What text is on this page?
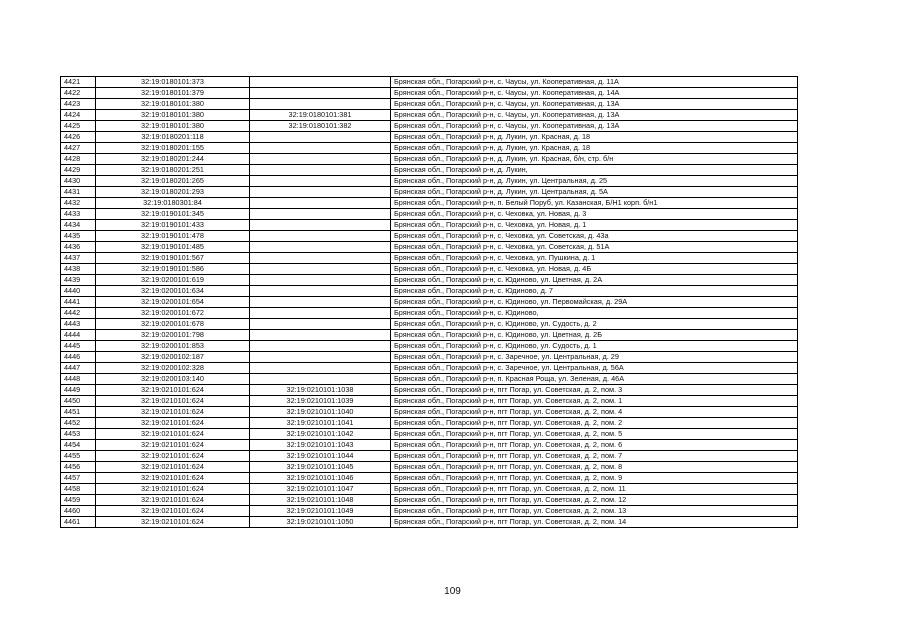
4421	32:19:0180101:373		Брянская обл., Погарский р-н, с. Чаусы, ул. Кооперативная, д. 11А
4422	32:19:0180101:379		Брянская обл., Погарский р-н, с. Чаусы, ул. Кооперативная, д. 14А
4423	32:19:0180101:380		Брянская обл., Погарский р-н, с. Чаусы, ул. Кооперативная, д. 13А
4424	32:19:0180101:380	32:19:0180101:381	Брянская обл., Погарский р-н, с. Чаусы, ул. Кооперативная, д. 13А
4425	32:19:0180101:380	32:19:0180101:382	Брянская обл., Погарский р-н, с. Чаусы, ул. Кооперативная, д. 13А
4426	32:19:0180201:118		Брянская обл., Погарский р-н, д. Лукин, ул. Красная, д. 18
4427	32:19:0180201:155		Брянская обл., Погарский р-н, д. Лукин, ул. Красная, д. 18
4428	32:19:0180201:244		Брянская обл., Погарский р-н, д. Лукин, ул. Красная, б/н, стр. б/н
4429	32:19:0180201:251		Брянская обл., Погарский р-н, д. Лукин,
4430	32:19:0180201:265		Брянская обл., Погарский р-н, д. Лукин, ул. Центральная, д. 25
4431	32:19:0180201:293		Брянская обл., Погарский р-н, д. Лукин, ул. Центральная, д. 5А
4432	32:19:0180301:84		Брянская обл., Погарский р-н, п. Белый Поруб, ул. Казанская, Б/Н1 корп. б/н1
4433	32:19:0190101:345		Брянская обл., Погарский р-н, с. Чеховка, ул. Новая, д. 3
4434	32:19:0190101:433		Брянская обл., Погарский р-н, с. Чеховка, ул. Новая, д. 1
4435	32:19:0190101:478		Брянская обл., Погарский р-н, с. Чеховка, ул. Советская, д. 43а
4436	32:19:0190101:485		Брянская обл., Погарский р-н, с. Чеховка, ул. Советская, д. 51А
4437	32:19:0190101:567		Брянская обл., Погарский р-н, с. Чеховка, ул. Пушкина, д. 1
4438	32:19:0190101:586		Брянская обл., Погарский р-н, с. Чеховка, ул. Новая, д. 4Б
4439	32:19:0200101:619		Брянская обл., Погарский р-н, с. Юдиново, ул. Цветная, д. 2А
4440	32:19:0200101:634		Брянская обл., Погарский р-н, с. Юдиново, д. 7
4441	32:19:0200101:654		Брянская обл., Погарский р-н, с. Юдиново, ул. Первомайская, д. 29А
4442	32:19:0200101:672		Брянская обл., Погарский р-н, с. Юдиново,
4443	32:19:0200101:678		Брянская обл., Погарский р-н, с. Юдиново, ул. Судость, д. 2
4444	32:19:0200101:798		Брянская обл., Погарский р-н, с. Юдиново, ул. Цветная, д. 2Б
4445	32:19:0200101:853		Брянская обл., Погарский р-н, с. Юдиново, ул. Судость, д. 1
4446	32:19:0200102:187		Брянская обл., Погарский р-н, с. Заречное, ул. Центральная, д. 29
4447	32:19:0200102:328		Брянская обл., Погарский р-н, с. Заречное, ул. Центральная, д. 56А
4448	32:19:0200103:140		Брянская обл., Погарский р-н, п. Красная Роща, ул. Зеленая, д. 46А
4449	32:19:0210101:624	32:19:0210101:1038	Брянская обл., Погарский р-н, пгт Погар, ул. Советская, д. 2, пом. 3
4450	32:19:0210101:624	32:19:0210101:1039	Брянская обл., Погарский р-н, пгт Погар, ул. Советская, д. 2, пом. 1
4451	32:19:0210101:624	32:19:0210101:1040	Брянская обл., Погарский р-н, пгт Погар, ул. Советская, д. 2, пом. 4
4452	32:19:0210101:624	32:19:0210101:1041	Брянская обл., Погарский р-н, пгт Погар, ул. Советская, д. 2, пом. 2
4453	32:19:0210101:624	32:19:0210101:1042	Брянская обл., Погарский р-н, пгт Погар, ул. Советская, д. 2, пом. 5
4454	32:19:0210101:624	32:19:0210101:1043	Брянская обл., Погарский р-н, пгт Погар, ул. Советская, д. 2, пом. 6
4455	32:19:0210101:624	32:19:0210101:1044	Брянская обл., Погарский р-н, пгт Погар, ул. Советская, д. 2, пом. 7
4456	32:19:0210101:624	32:19:0210101:1045	Брянская обл., Погарский р-н, пгт Погар, ул. Советская, д. 2, пом. 8
4457	32:19:0210101:624	32:19:0210101:1046	Брянская обл., Погарский р-н, пгт Погар, ул. Советская, д. 2, пом. 9
4458	32:19:0210101:624	32:19:0210101:1047	Брянская обл., Погарский р-н, пгт Погар, ул. Советская, д. 2, пом. 11
4459	32:19:0210101:624	32:19:0210101:1048	Брянская обл., Погарский р-н, пгт Погар, ул. Советская, д. 2, пом. 12
4460	32:19:0210101:624	32:19:0210101:1049	Брянская обл., Погарский р-н, пгт Погар, ул. Советская, д. 2, пом. 13
4461	32:19:0210101:624	32:19:0210101:1050	Брянская обл., Погарский р-н, пгт Погар, ул. Советская, д. 2, пом. 14
109
